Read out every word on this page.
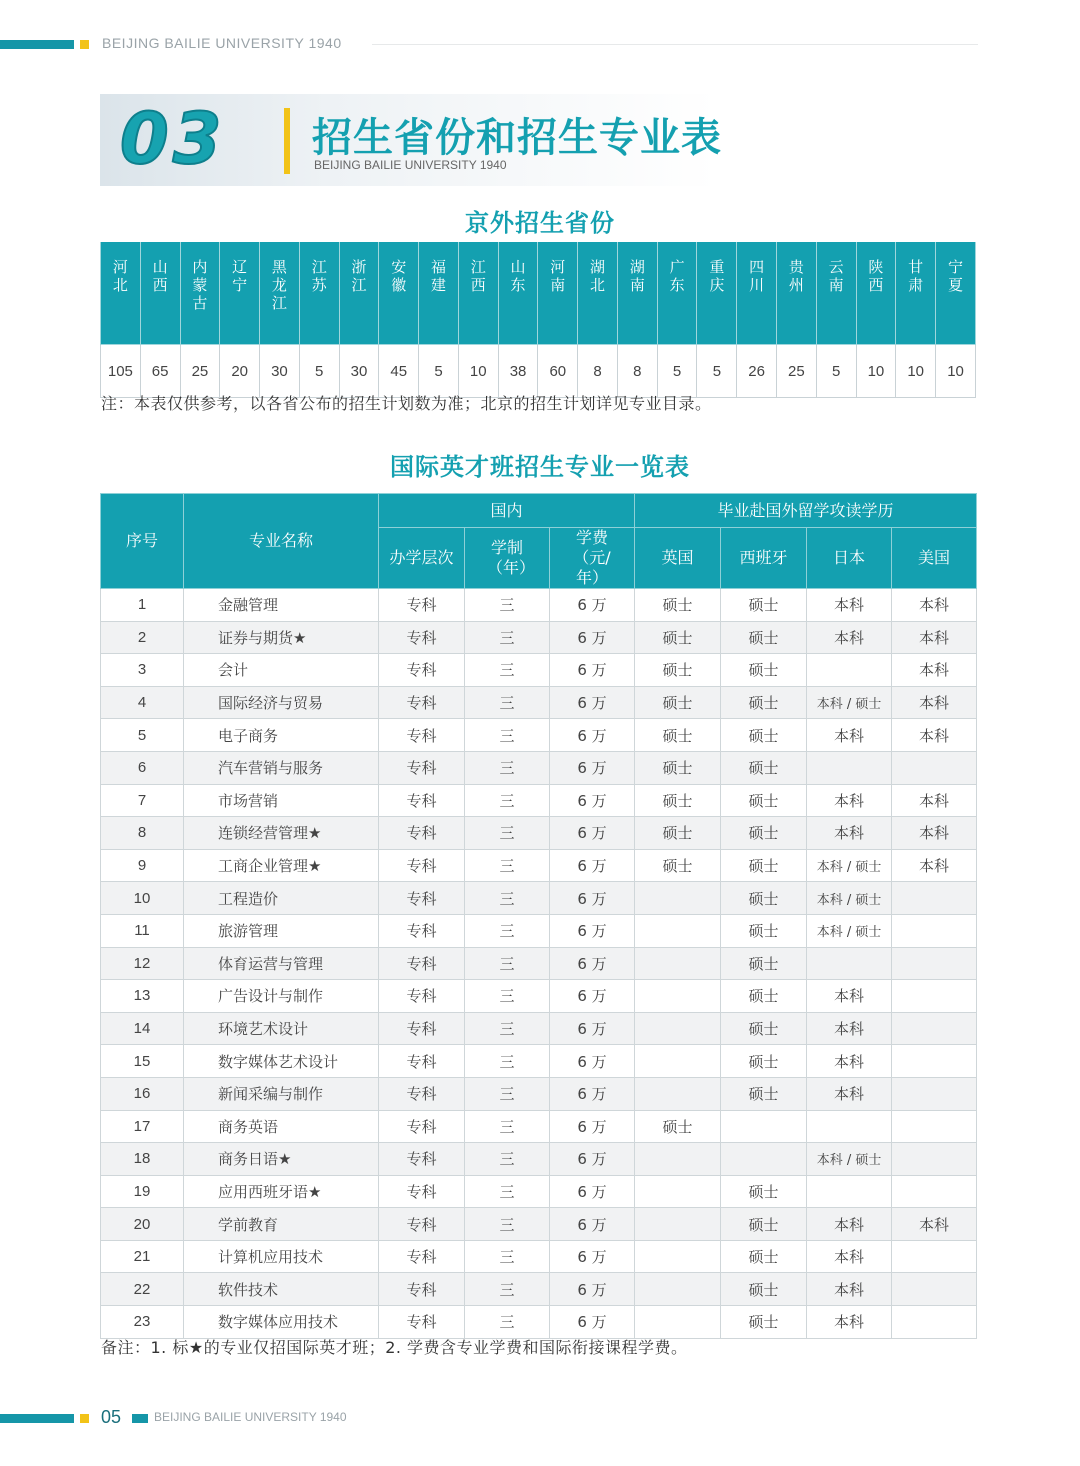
BEIJING BAILIE UNIVERSITY 1940
03 招生省份和招生专业表
BEIJING BAILIE UNIVERSITY 1940
京外招生省份
河北	山西	内蒙古	辽宁	黑龙江	江苏	浙江	安徽	福建	江西	山东	河南	湖北	湖南	广东	重庆	四川	贵州	云南	陕西	甘肃	宁夏
105	65	25	20	30	5	30	45	5	10	38	60	8	8	5	5	26	25	5	10	10	10
注：本表仅供参考，以各省公布的招生计划数为准；北京的招生计划详见专业目录。
国际英才班招生专业一览表
序号	专业名称	国内			毕业赴国外留学攻读学历			
		办学层次	学制（年）	学费（元/年）	英国	西班牙	日本	美国
1	金融管理	专科	三	6 万	硕士	硕士	本科	本科
2	证券与期货★	专科	三	6 万	硕士	硕士	本科	本科
3	会计	专科	三	6 万	硕士	硕士		本科
4	国际经济与贸易	专科	三	6 万	硕士	硕士	本科 / 硕士	本科
5	电子商务	专科	三	6 万	硕士	硕士	本科	本科
6	汽车营销与服务	专科	三	6 万	硕士	硕士		
7	市场营销	专科	三	6 万	硕士	硕士	本科	本科
8	连锁经营管理★	专科	三	6 万	硕士	硕士	本科	本科
9	工商企业管理★	专科	三	6 万	硕士	硕士	本科 / 硕士	本科
10	工程造价	专科	三	6 万		硕士	本科 / 硕士	
11	旅游管理	专科	三	6 万		硕士	本科 / 硕士	
12	体育运营与管理	专科	三	6 万		硕士		
13	广告设计与制作	专科	三	6 万		硕士	本科	
14	环境艺术设计	专科	三	6 万		硕士	本科	
15	数字媒体艺术设计	专科	三	6 万		硕士	本科	
16	新闻采编与制作	专科	三	6 万		硕士	本科	
17	商务英语	专科	三	6 万	硕士			
18	商务日语★	专科	三	6 万			本科 / 硕士	
19	应用西班牙语★	专科	三	6 万		硕士		
20	学前教育	专科	三	6 万		硕士	本科	本科
21	计算机应用技术	专科	三	6 万		硕士	本科	
22	软件技术	专科	三	6 万		硕士	本科	
23	数字媒体应用技术	专科	三	6 万		硕士	本科	
备注：1. 标★的专业仅招国际英才班；2. 学费含专业学费和国际衔接课程学费。
05	BEIJING BAILIE UNIVERSITY 1940
